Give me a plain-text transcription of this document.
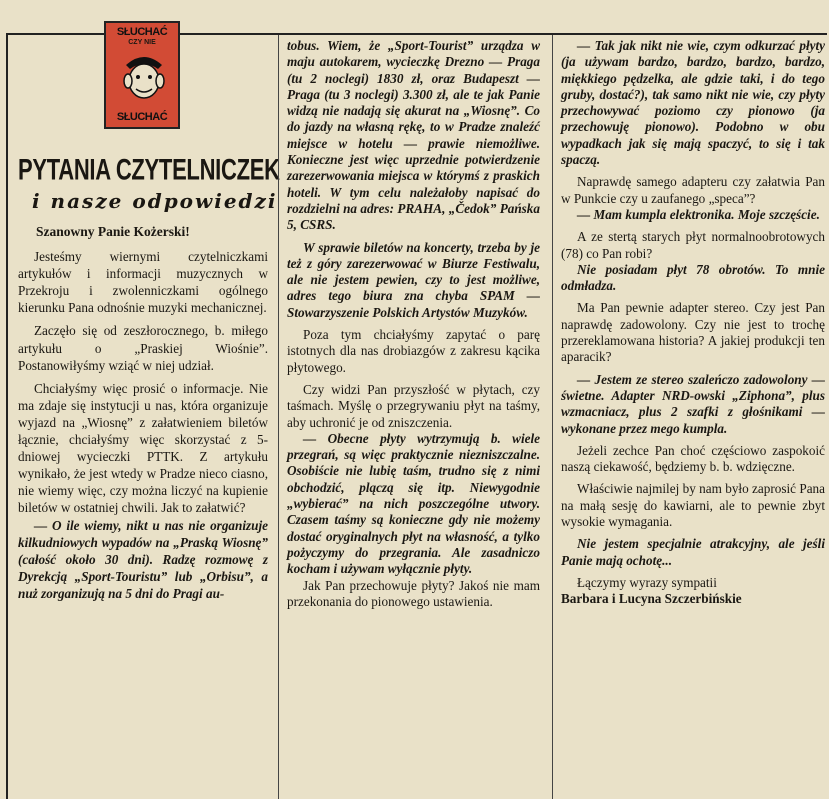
SŁUCHAĆ
CZY NIE
SŁUCHAĆ
PYTANIA CZYTELNICZEK
i nasze odpowiedzi

Szanowny Panie Kożerski!

Jesteśmy wiernymi czytelniczkami artykułów i informacji muzycznych w Przekroju i zwolenniczkami ogólnego kierunku Pana odnośnie muzyki mechanicznej.

Zaczęło się od zeszłorocznego, b. miłego artykułu o „Praskiej Wiośnie”. Postanowiłyśmy wziąć w niej udział.

Chciałyśmy więc prosić o informacje. Nie ma zdaje się instytucji u nas, która organizuje wyjazd na „Wiosnę” z załatwieniem biletów łącznie, chciałyśmy więc skorzystać z 5-dniowej wycieczki PTTK. Z artykułu wynikało, że jest wtedy w Pradze nieco ciasno, nie wiemy więc, czy można liczyć na kupienie biletów w ostatniej chwili. Jak to załatwić?

— O ile wiemy, nikt u nas nie organizuje kilkudniowych wypadów na „Praską Wiosnę” (całość około 30 dni). Radzę rozmowę z Dyrekcją „Sport-Touristu” lub „Orbisu”, a nuż zorganizują na 5 dni do Pragi au-

tobus. Wiem, że „Sport-Tourist” urządza w maju autokarem, wycieczkę Drezno — Praga (tu 2 noclegi) 1830 zł, oraz Budapeszt — Praga (tu 3 noclegi) 3.300 zł, ale te jak Panie widzą nie nadają się akurat na „Wiosnę”. Co do jazdy na własną rękę, to w Pradze znaleźć miejsce w hotelu — prawie niemożliwe. Konieczne jest więc uprzednie potwierdzenie zarezerwowania miejsca w którymś z praskich hoteli. W tym celu należałoby napisać do rozdzielni na adres: PRAHA, „Čedok” Pańska 5, CSRS.

W sprawie biletów na koncerty, trzeba by je też z góry zarezerwować w Biurze Festiwalu, ale nie jestem pewien, czy to jest możliwe, adres tego biura zna chyba SPAM — Stowarzyszenie Polskich Artystów Muzyków.

Poza tym chciałyśmy zapytać o parę istotnych dla nas drobiazgów z zakresu kącika płytowego.

Czy widzi Pan przyszłość w płytach, czy taśmach. Myślę o przegrywaniu płyt na taśmy, aby uchronić je od zniszczenia.

— Obecne płyty wytrzymują b. wiele przegrań, są więc praktycznie niezniszczalne. Osobiście nie lubię taśm, trudno się z nimi obchodzić, plączą się itp. Niewygodnie „wybierać” na nich poszczególne utwory. Czasem taśmy są konieczne gdy nie możemy dostać oryginalnych płyt na własność, a tylko pożyczymy do przegrania. Ale zasadniczo kocham i używam wyłącznie płyty.

Jak Pan przechowuje płyty? Jakoś nie mam przekonania do pionowego ustawienia.

— Tak jak nikt nie wie, czym odkurzać płyty (ja używam bardzo, bardzo, bardzo, bardzo, miękkiego pędzelka, ale gdzie taki, i do tego gruby, dostać?), tak samo nikt nie wie, czy płyty przechowywać poziomo czy pionowo (ja przechowuję pionowo). Podobno w obu wypadkach jak się mają spaczyć, to się i tak spaczą.

Naprawdę samego adapteru czy załatwia Pan w Punkcie czy u zaufanego „speca”?

— Mam kumpla elektronika. Moje szczęście.

A ze stertą starych płyt normalnoobrotowych (78) co Pan robi?

Nie posiadam płyt 78 obrotów. To mnie odmładza.

Ma Pan pewnie adapter stereo. Czy jest Pan naprawdę zadowolony. Czy nie jest to trochę przereklamowana historia? A jakiej produkcji ten aparacik?

— Jestem ze stereo szaleńczo zadowolony — świetne. Adapter NRD-owski „Ziphona”, plus wzmacniacz, plus 2 szafki z głośnikami — wykonane przez mego kumpla.

Jeżeli zechce Pan choć częściowo zaspokoić naszą ciekawość, będziemy b. b. wdzięczne.

Właściwie najmilej by nam było zaprosić Pana na małą sesję do kawiarni, ale to pewnie zbyt wysokie wymagania.

Nie jestem specjalnie atrakcyjny, ale jeśli Panie mają ochotę...

Łączymy wyrazy sympatii

Barbara i Lucyna Szczerbińskie
